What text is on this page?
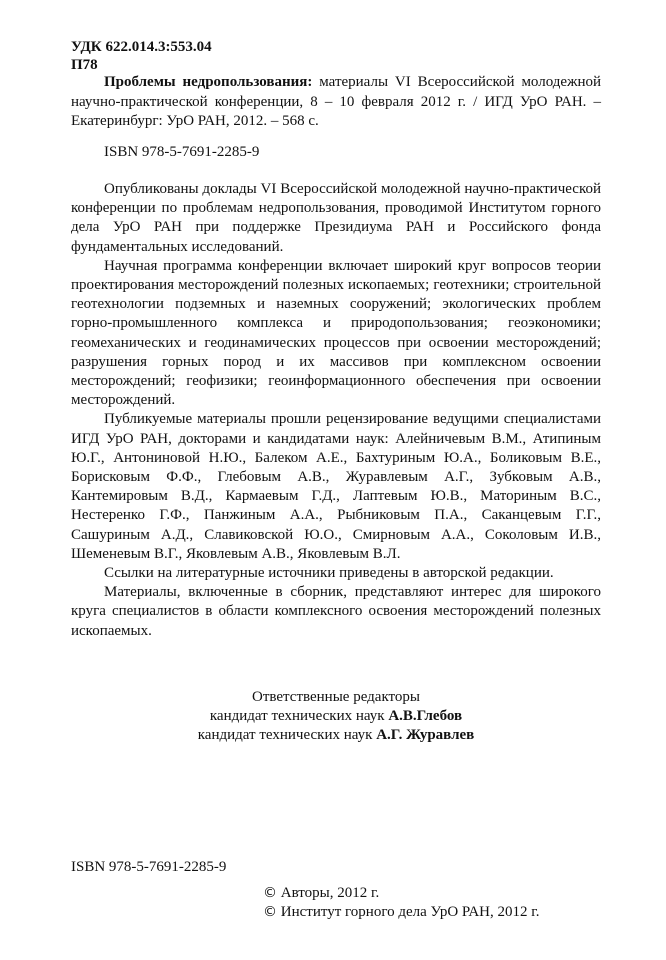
УДК 622.014.3:553.04
П78
Проблемы недропользования: материалы VI Всероссийской молодежной научно-практической конференции, 8 – 10 февраля 2012 г. / ИГД УрО РАН. – Екатеринбург: УрО РАН, 2012. – 568 с.
ISBN 978-5-7691-2285-9

Опубликованы доклады VI Всероссийской молодежной научно-практической конференции по проблемам недропользования, проводимой Институтом горного дела УрО РАН при поддержке Президиума РАН и Российского фонда фундаментальных исследований.

Научная программа конференции включает широкий круг вопросов теории проектирования месторождений полезных ископаемых; геотехники; строительной геотехнологии подземных и наземных сооружений; экологических проблем горно-промышленного комплекса и природопользования; геоэкономики; геомеханических и геодинамических процессов при освоении месторождений; разрушения горных пород и их массивов при комплексном освоении месторождений; геофизики; геоинформационного обеспечения при освоении месторождений.

Публикуемые материалы прошли рецензирование ведущими специалистами ИГД УрО РАН, докторами и кандидатами наук: Алейничевым В.М., Атипиным Ю.Г., Антониновой Н.Ю., Балеком А.Е., Бахтуриным Ю.А., Боликовым В.Е., Борисковым Ф.Ф., Глебовым А.В., Журавлевым А.Г., Зубковым А.В., Кантемировым В.Д., Кармаевым Г.Д., Лаптевым Ю.В., Маториным В.С., Нестеренко Г.Ф., Панжиным А.А., Рыбниковым П.А., Саканцевым Г.Г., Сашуриным А.Д., Славиковской Ю.О., Смирновым А.А., Соколовым И.В., Шеменевым В.Г., Яковлевым А.В., Яковлевым В.Л.

Ссылки на литературные источники приведены в авторской редакции.

Материалы, включенные в сборник, представляют интерес для широкого круга специалистов в области комплексного освоения месторождений полезных ископаемых.

Ответственные редакторы
кандидат технических наук А.В.Глебов
кандидат технических наук А.Г. Журавлев
ISBN 978-5-7691-2285-9
© Авторы, 2012 г.
© Институт горного дела УрО РАН, 2012 г.
